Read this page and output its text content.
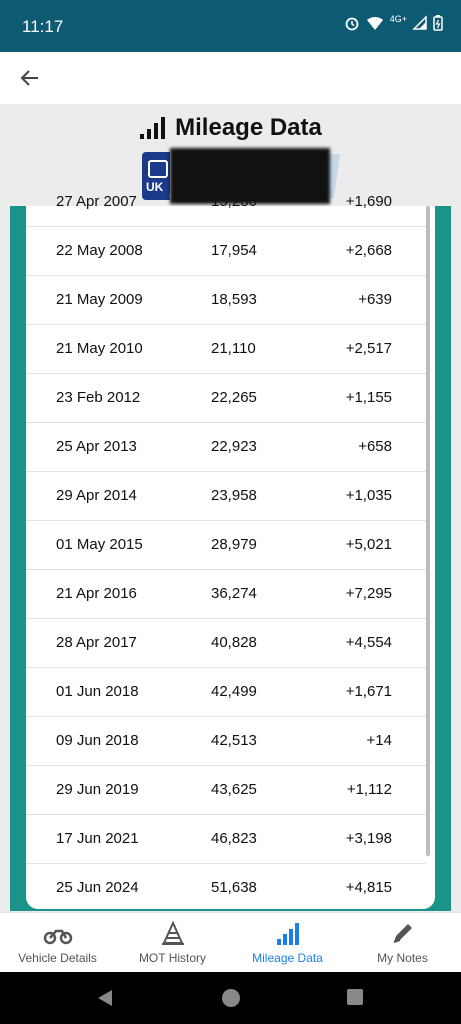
11:17	4G+
Mileage Data
UK
27 Apr 2007	15,286	+1,690
22 May 2008	17,954	+2,668
21 May 2009	18,593	+639
21 May 2010	21,110	+2,517
23 Feb 2012	22,265	+1,155
25 Apr 2013	22,923	+658
29 Apr 2014	23,958	+1,035
01 May 2015	28,979	+5,021
21 Apr 2016	36,274	+7,295
28 Apr 2017	40,828	+4,554
01 Jun 2018	42,499	+1,671
09 Jun 2018	42,513	+14
29 Jun 2019	43,625	+1,112
17 Jun 2021	46,823	+3,198
25 Jun 2024	51,638	+4,815
Vehicle Details	MOT History	Mileage Data	My Notes
